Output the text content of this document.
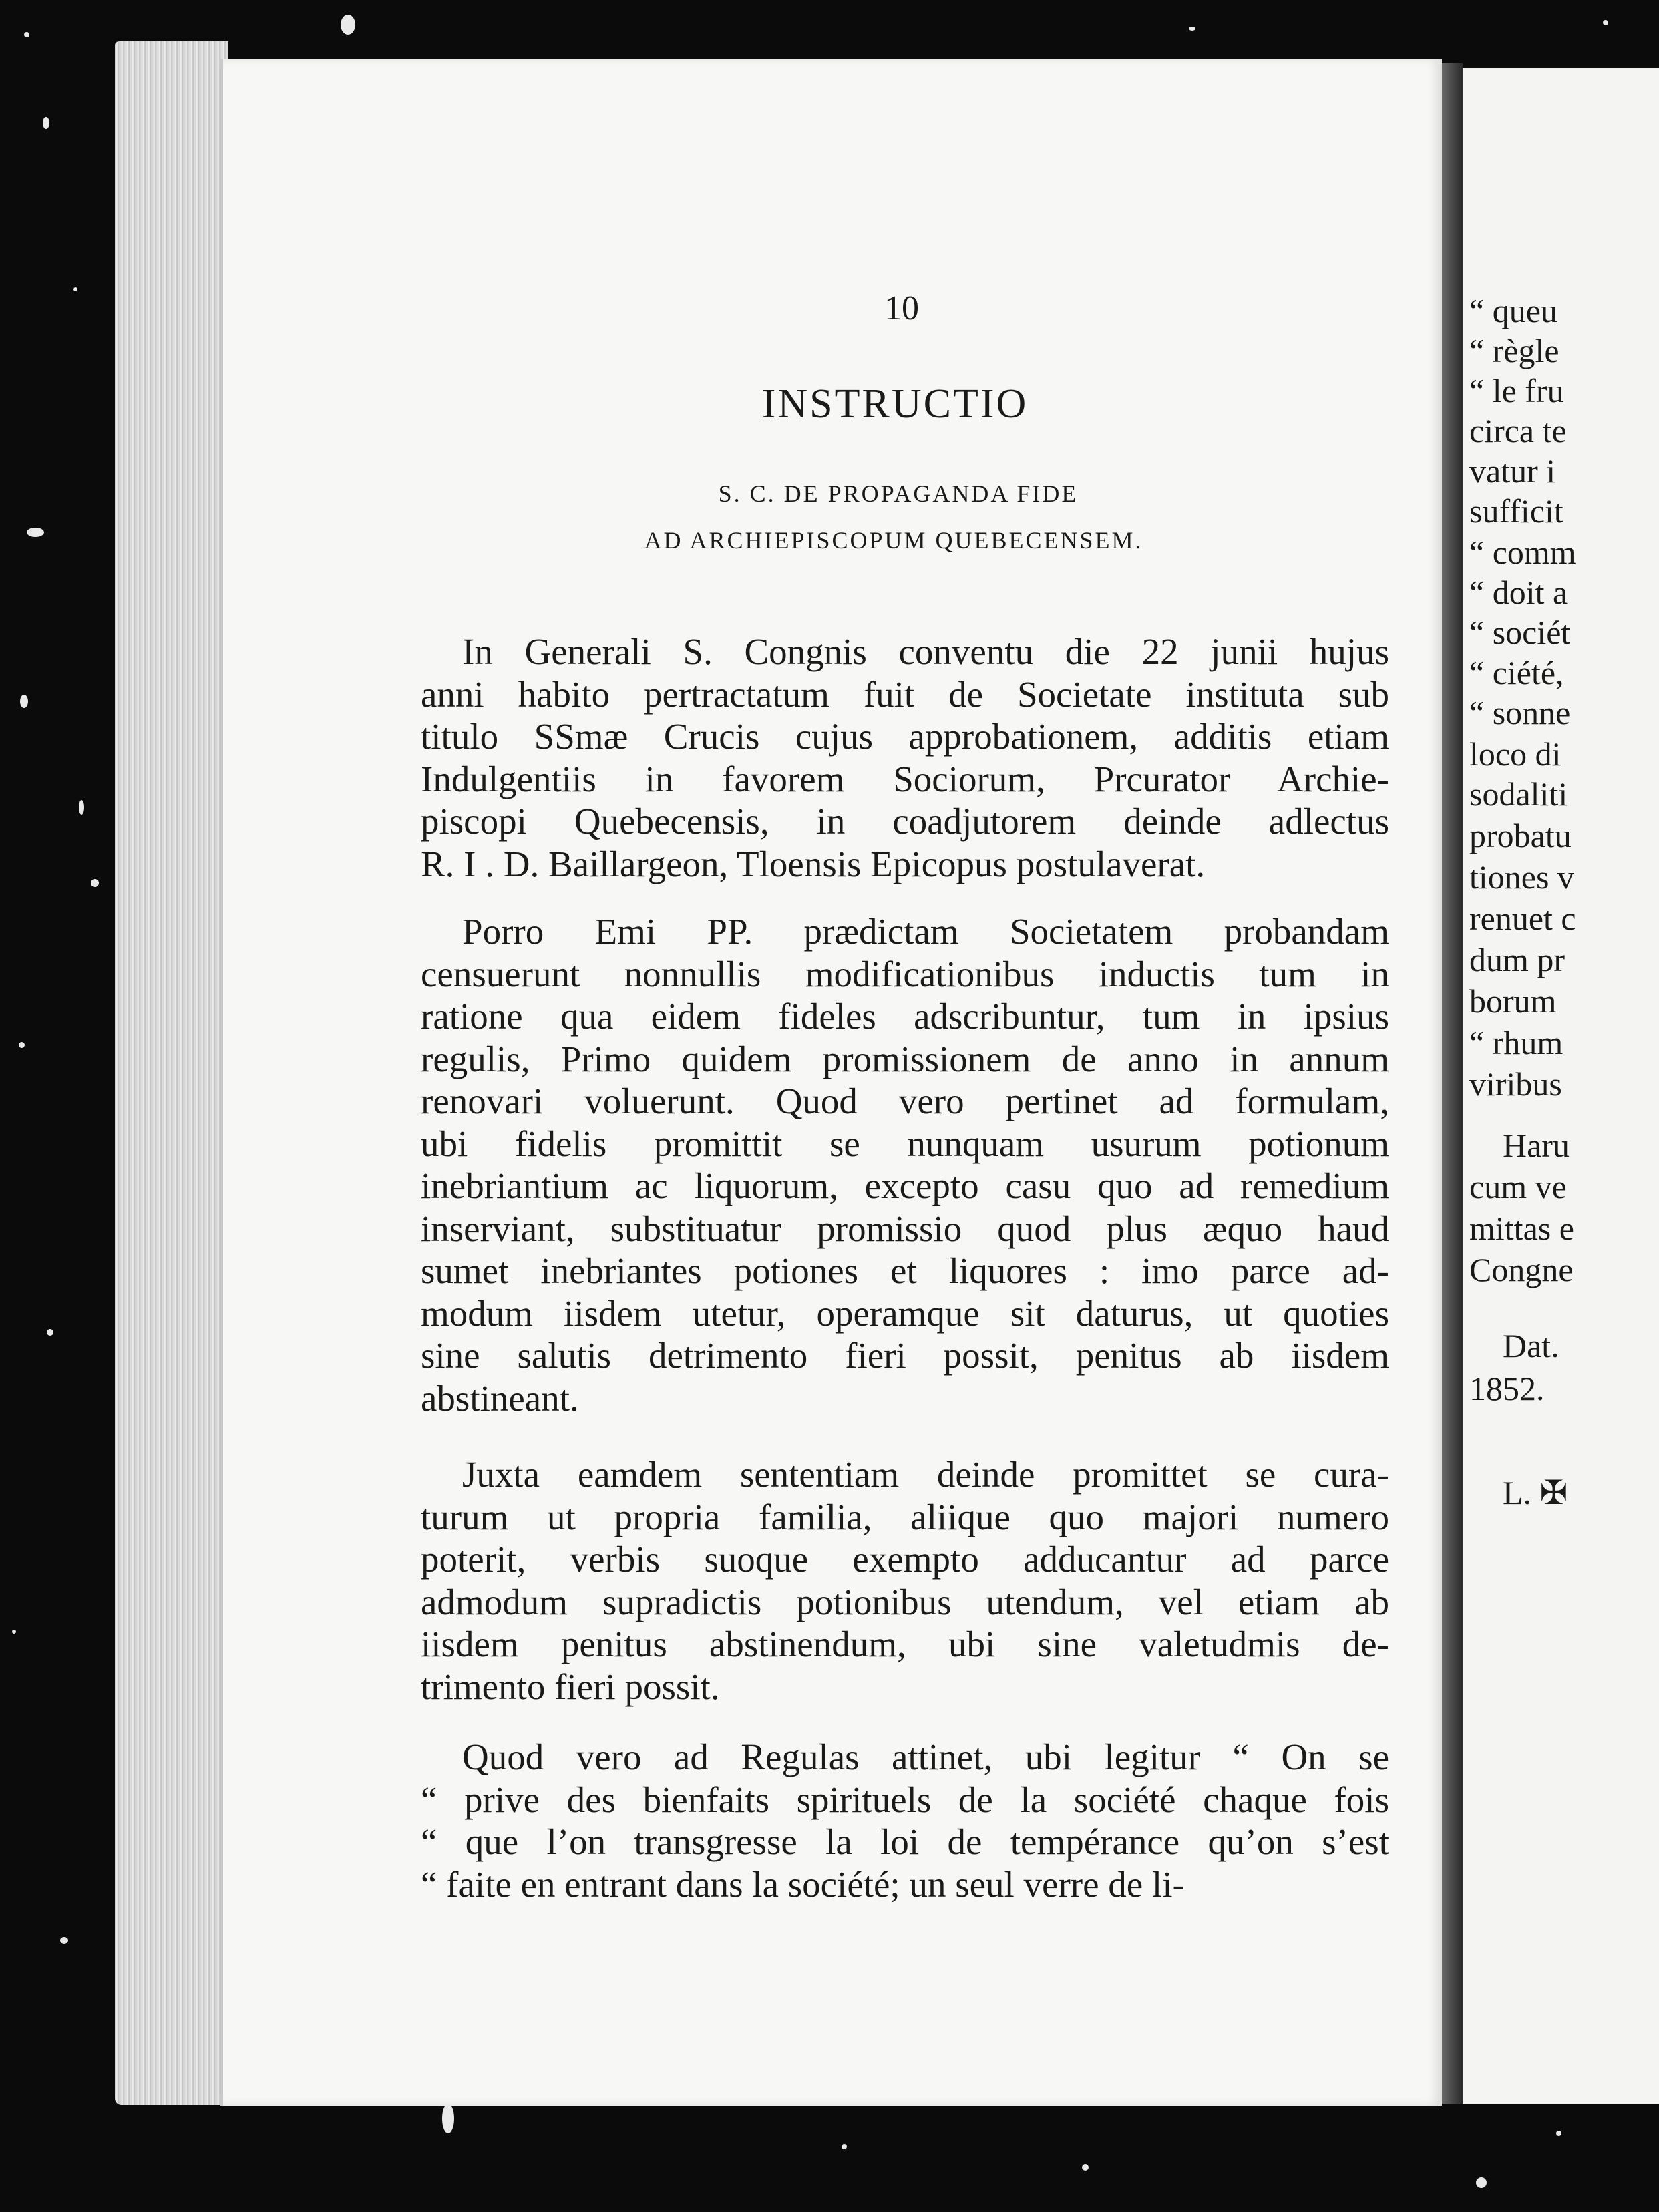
“ queu
“ règle
“ le fru
circa te
vatur i
sufficit
“ comm
“ doit a
“ sociét
“ ciété,
“ sonne
loco di
sodaliti
probatu
tiones v
renuet c
dum pr
borum
“ rhum
viribus
Haru
cum ve
mittas e
Congne
Dat.
1852.
L. ✠
10
INSTRUCTIO
S. C. DE PROPAGANDA FIDE
AD ARCHIEPISCOPUM QUEBECENSEM.
In Generali S. Congnis conventu die 22 junii hujus
anni habito pertractatum fuit de Societate instituta sub
titulo SSmæ Crucis cujus approbationem, additis etiam
Indulgentiis in favorem Sociorum, Prcurator Archie-
piscopi Quebecensis, in coadjutorem deinde adlectus
R. I . D. Baillargeon, Tloensis Epicopus postulaverat.
Porro Emi PP. prædictam Societatem probandam
censuerunt nonnullis modificationibus inductis tum in
ratione qua eidem fideles adscribuntur, tum in ipsius
regulis, Primo quidem promissionem de anno in annum
renovari voluerunt. Quod vero pertinet ad formulam,
ubi fidelis promittit se nunquam usurum potionum
inebriantium ac liquorum, excepto casu quo ad remedium
inserviant, substituatur promissio quod plus æquo haud
sumet inebriantes potiones et liquores : imo parce ad-
modum iisdem utetur, operamque sit daturus, ut quoties
sine salutis detrimento fieri possit, penitus ab iisdem
abstineant.
Juxta eamdem sententiam deinde promittet se cura-
turum ut propria familia, aliique quo majori numero
poterit, verbis suoque exempto adducantur ad parce
admodum supradictis potionibus utendum, vel etiam ab
iisdem penitus abstinendum, ubi sine valetudmis de-
trimento fieri possit.
Quod vero ad Regulas attinet, ubi legitur “ On se
“ prive des bienfaits spirituels de la société chaque fois
“ que l’on transgresse la loi de tempérance qu’on s’est
“ faite en entrant dans la société; un seul verre de li-
